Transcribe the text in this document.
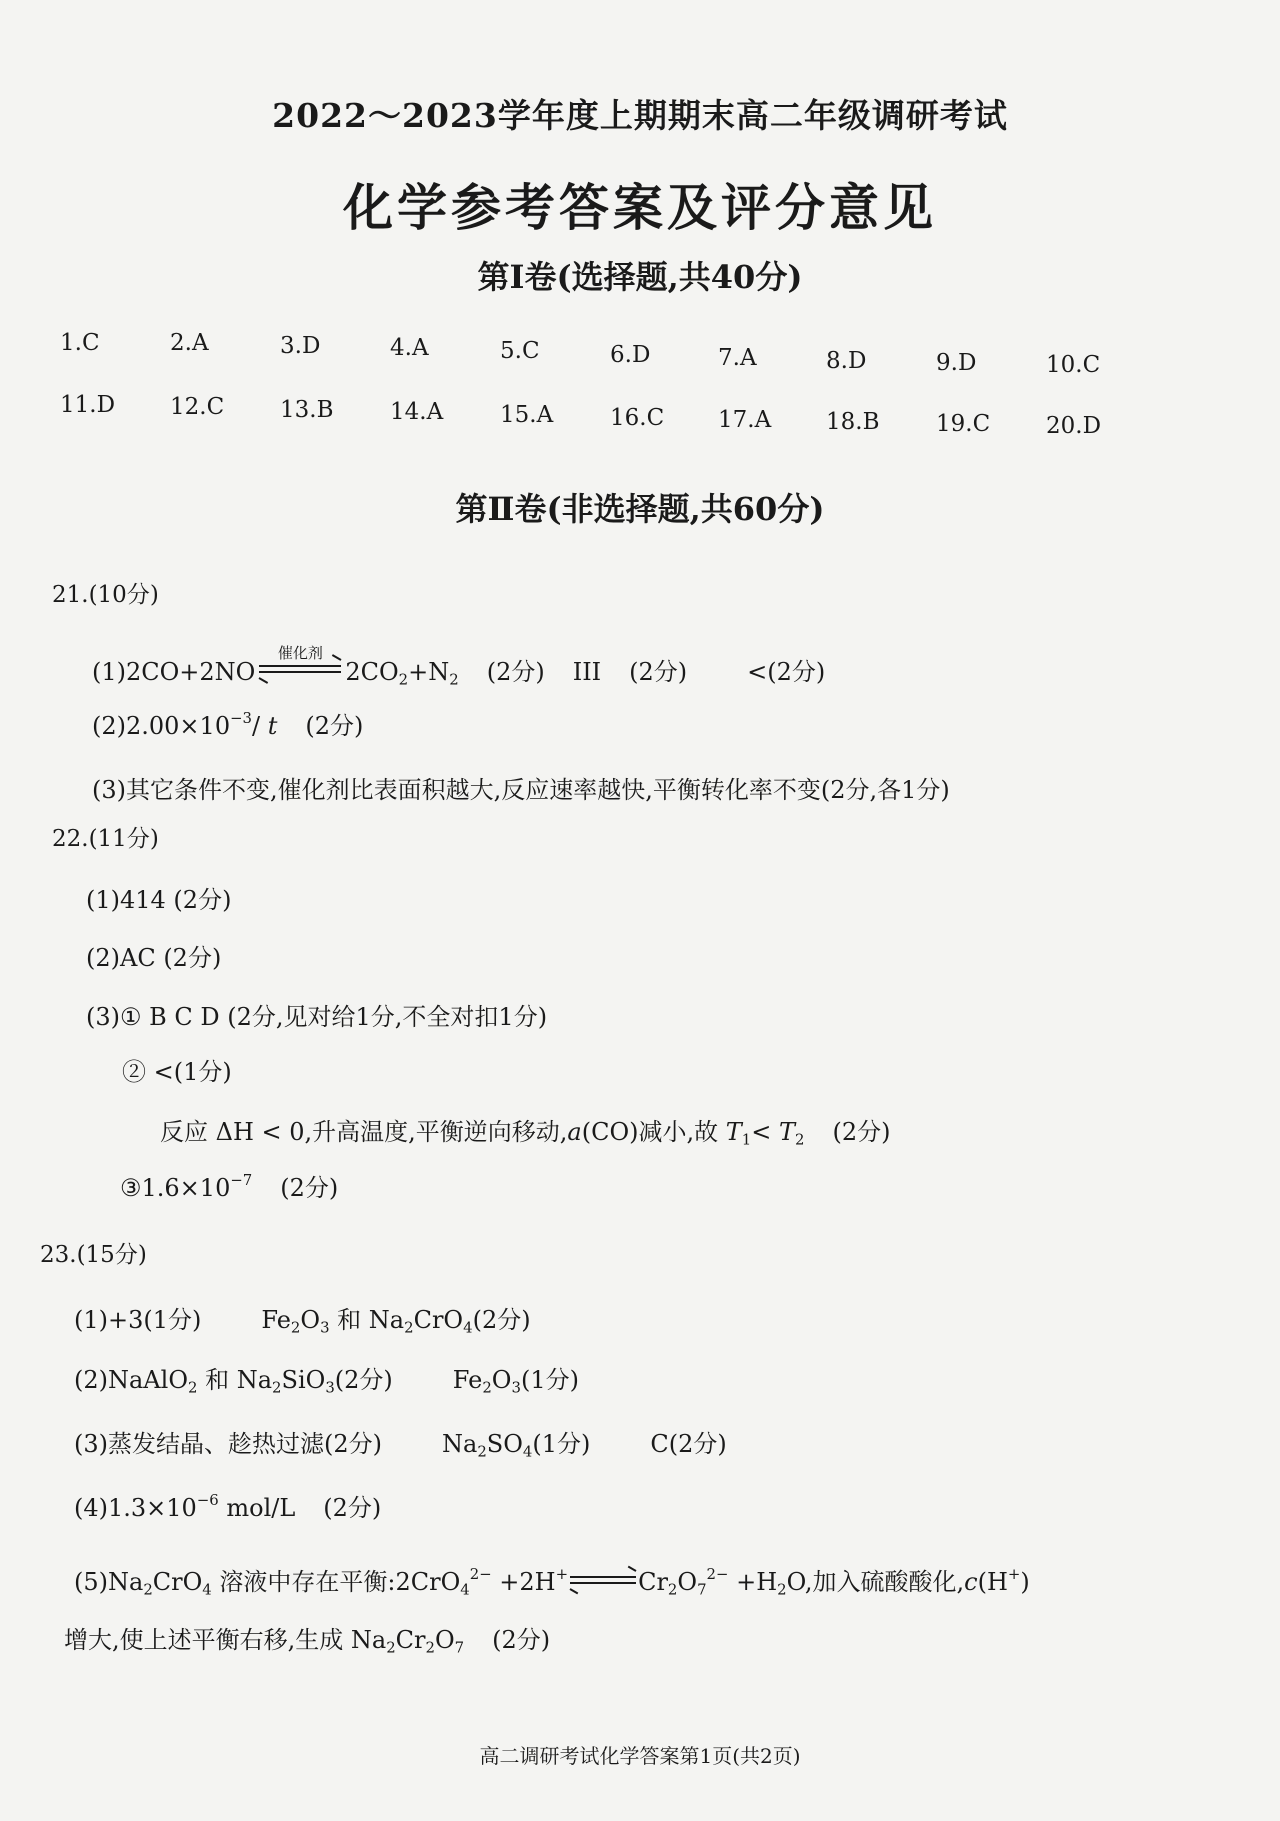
2022～2023学年度上期期末高二年级调研考试
化学参考答案及评分意见
第Ⅰ卷(选择题,共40分)
1.C	2.A	3.D	4.A	5.C	6.D	7.A	8.D	9.D	10.C
11.D 12.C 13.B 14.A 15.A 16.C 17.A 18.B 19.C 20.D
第Ⅱ卷(非选择题,共60分)
21.(10分)
(1)2CO+2NO
催化剂
$2CO_2+N_2$ (2分) III (2分)	<(2分)
$(2)2.00\times 10^{-3}/$ t (2分)
(3)其它条件不变,催化剂比表面积越大,反应速率越快,平衡转化率不变(2分,各1分)
22.(11分)
(1)414 (2分)
(2)AC (2分)
(3)① B C D (2分,见对给1分,不全对扣1分)
② <(1分)
反应 ΔH < 0,升高温度,平衡逆向移动,a(CO)减小,故 $T_1< T_2$ (2分)
$③1.6\times 10^{-7}$ (2分)
23.(15分)
(1)+3(1分)	$Fe_2O_3$ 和 $Na_2CrO_4(2$分)
(2)NaAlO$_2$ 和 $Na_2SiO_3(2$分)	$Fe_2O_3(1$分)
(3)蒸发结晶、趁热过滤(2分)	$Na_2SO_4(1$分)	C(2分)
$(4)1.3\times 10^{-6}$ mol/L (2分)
$(5)Na_2CrO_4$ 溶液中存在平衡:2CrO$_4^{2-}$ +2H+ ⇌ $Cr_2O_7^{2-} +H_2O$,加入硫酸酸化,c(H+)
增大,使上述平衡右移,生成 $Na_2Cr_2O_7$ (2分)
高二调研考试化学答案第1页(共2页)
